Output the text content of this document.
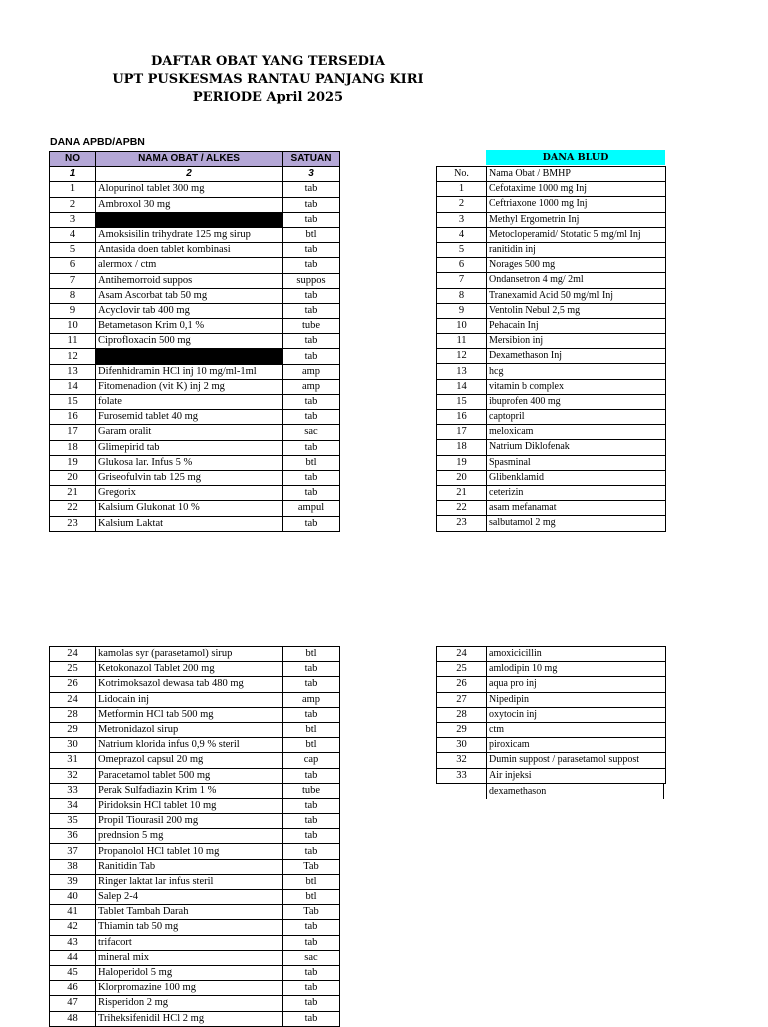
DAFTAR OBAT YANG TERSEDIA
UPT PUSKESMAS RANTAU PANJANG KIRI
PERIODE April 2025
DANA APBD/APBN
NO	NAMA OBAT / ALKES	SATUAN
1	2	3
1	Alopurinol tablet 300 mg	tab
2	Ambroxol 30 mg	tab
3		tab
4	Amoksisilin trihydrate 125 mg sirup	btl
5	Antasida doen tablet kombinasi	tab
6	alermox / ctm	tab
7	Antihemorroid suppos	suppos
8	Asam Ascorbat tab 50 mg	tab
9	Acyclovir tab 400 mg	tab
10	Betametason Krim 0,1 %	tube
11	Ciprofloxacin 500 mg	tab
12		tab
13	Difenhidramin HCl inj 10 mg/ml-1ml	amp
14	Fitomenadion (vit K) inj 2 mg	amp
15	folate	tab
16	Furosemid tablet 40 mg	tab
17	Garam oralit	sac
18	Glimepirid tab	tab
19	Glukosa lar. Infus 5 %	btl
20	Griseofulvin tab 125 mg	tab
21	Gregorix	tab
22	Kalsium Glukonat 10 %	ampul
23	Kalsium Laktat	tab
24	kamolas syr (parasetamol) sirup	btl
25	Ketokonazol Tablet 200 mg	tab
26	Kotrimoksazol dewasa tab 480 mg	tab
24	Lidocain inj	amp
28	Metformin HCl tab 500 mg	tab
29	Metronidazol sirup	btl
30	Natrium klorida infus 0,9 % steril	btl
31	Omeprazol capsul 20 mg	cap
32	Paracetamol tablet 500 mg	tab
33	Perak Sulfadiazin Krim 1 %	tube
34	Piridoksin HCl tablet 10 mg	tab
35	Propil Tiourasil 200 mg	tab
36	prednsion 5 mg	tab
37	Propanolol HCl tablet 10 mg	tab
38	Ranitidin Tab	Tab
39	Ringer laktat lar infus steril	btl
40	Salep 2-4	btl
41	Tablet Tambah Darah	Tab
42	Thiamin tab 50 mg	tab
43	trifacort	tab
44	mineral mix	sac
45	Haloperidol 5 mg	tab
46	Klorpromazine 100 mg	tab
47	Risperidon 2 mg	tab
48	Triheksifenidil HCl 2 mg	tab
DANA BLUD
No.	Nama Obat / BMHP
1	Cefotaxime 1000 mg Inj
2	Ceftriaxone 1000 mg Inj
3	Methyl Ergometrin Inj
4	Metocloperamid/ Stotatic 5 mg/ml Inj
5	ranitidin inj
6	Norages 500 mg
7	Ondansetron 4 mg/ 2ml
8	Tranexamid Acid 50 mg/ml Inj
9	Ventolin Nebul 2,5 mg
10	Pehacain Inj
11	Mersibion inj
12	Dexamethason Inj
13	hcg
14	vitamin b complex
15	ibuprofen 400 mg
16	captopril
17	meloxicam
18	Natrium Diklofenak
19	Spasminal
20	Glibenklamid
21	ceterizin
22	asam mefanamat
23	salbutamol 2 mg
24	amoxicicillin
25	amlodipin 10 mg
26	aqua pro inj
27	Nipedipin
28	oxytocin inj
29	ctm
30	piroxicam
32	Dumin suppost / parasetamol suppost
33	Air injeksi
dexamethason
